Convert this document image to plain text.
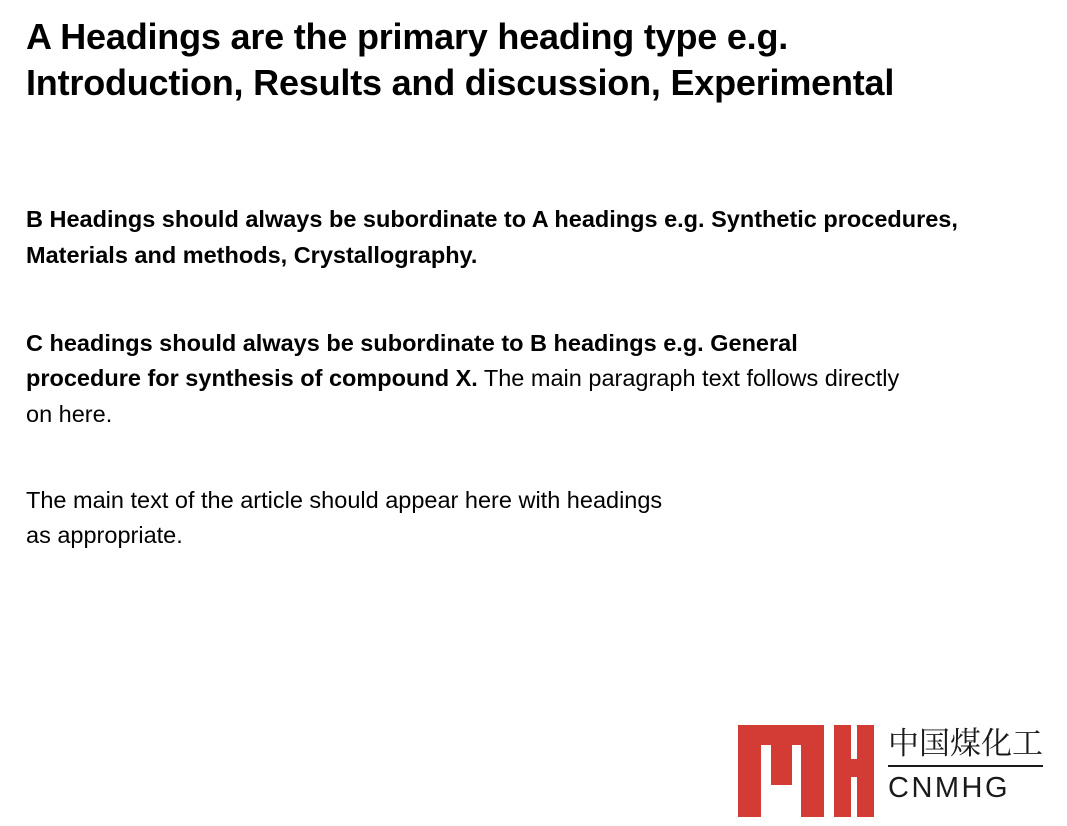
A Headings are the primary heading type e.g. Introduction, Results and discussion, Experimental

B Headings should always be subordinate to A headings e.g. Synthetic procedures, Materials and methods, Crystallography.

C headings should always be subordinate to B headings e.g. General procedure for synthesis of compound X. The main paragraph text follows directly on here.

The main text of the article should appear here with headings
as appropriate.

中国煤化工
CNMHG
